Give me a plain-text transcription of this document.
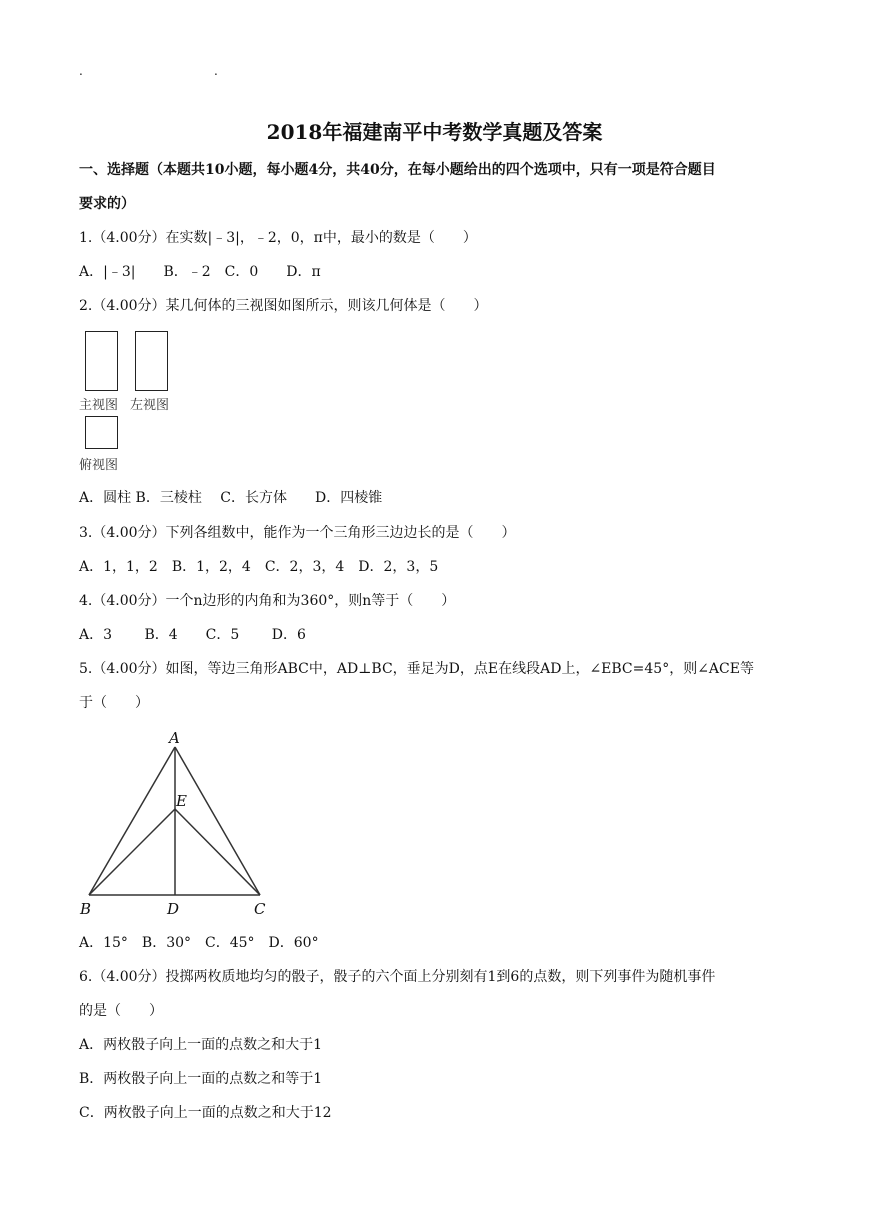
.	.
2018年福建南平中考数学真题及答案
一、选择题（本题共10小题，每小题4分，共40分，在每小题给出的四个选项中，只有一项是符合题目
要求的）
1.（4.00分）在实数|﹣3|，﹣2，0，π中，最小的数是（　　）
A．|﹣3|　　B．﹣2　C．0　　D．π
2.（4.00分）某几何体的三视图如图所示，则该几何体是（　　）
主视图 左视图
俯视图
A．圆柱 B．三棱柱　 C．长方体　　D．四棱锥
3.（4.00分）下列各组数中，能作为一个三角形三边边长的是（　　）
A．1，1，2　B．1，2，4　C．2，3，4　D．2，3，5
4.（4.00分）一个n边形的内角和为360°，则n等于（　　）
A．3　　 B．4　　C．5　　 D．6
5.（4.00分）如图，等边三角形ABC中，AD⊥BC，垂足为D，点E在线段AD上，∠EBC=45°，则∠ACE等
于（　　）
A
B	C
D
E
A．15°　B．30°　C．45°　D．60°
6.（4.00分）投掷两枚质地均匀的骰子，骰子的六个面上分别刻有1到6的点数，则下列事件为随机事件
的是（　　）
A．两枚骰子向上一面的点数之和大于1
B．两枚骰子向上一面的点数之和等于1
C．两枚骰子向上一面的点数之和大于12
